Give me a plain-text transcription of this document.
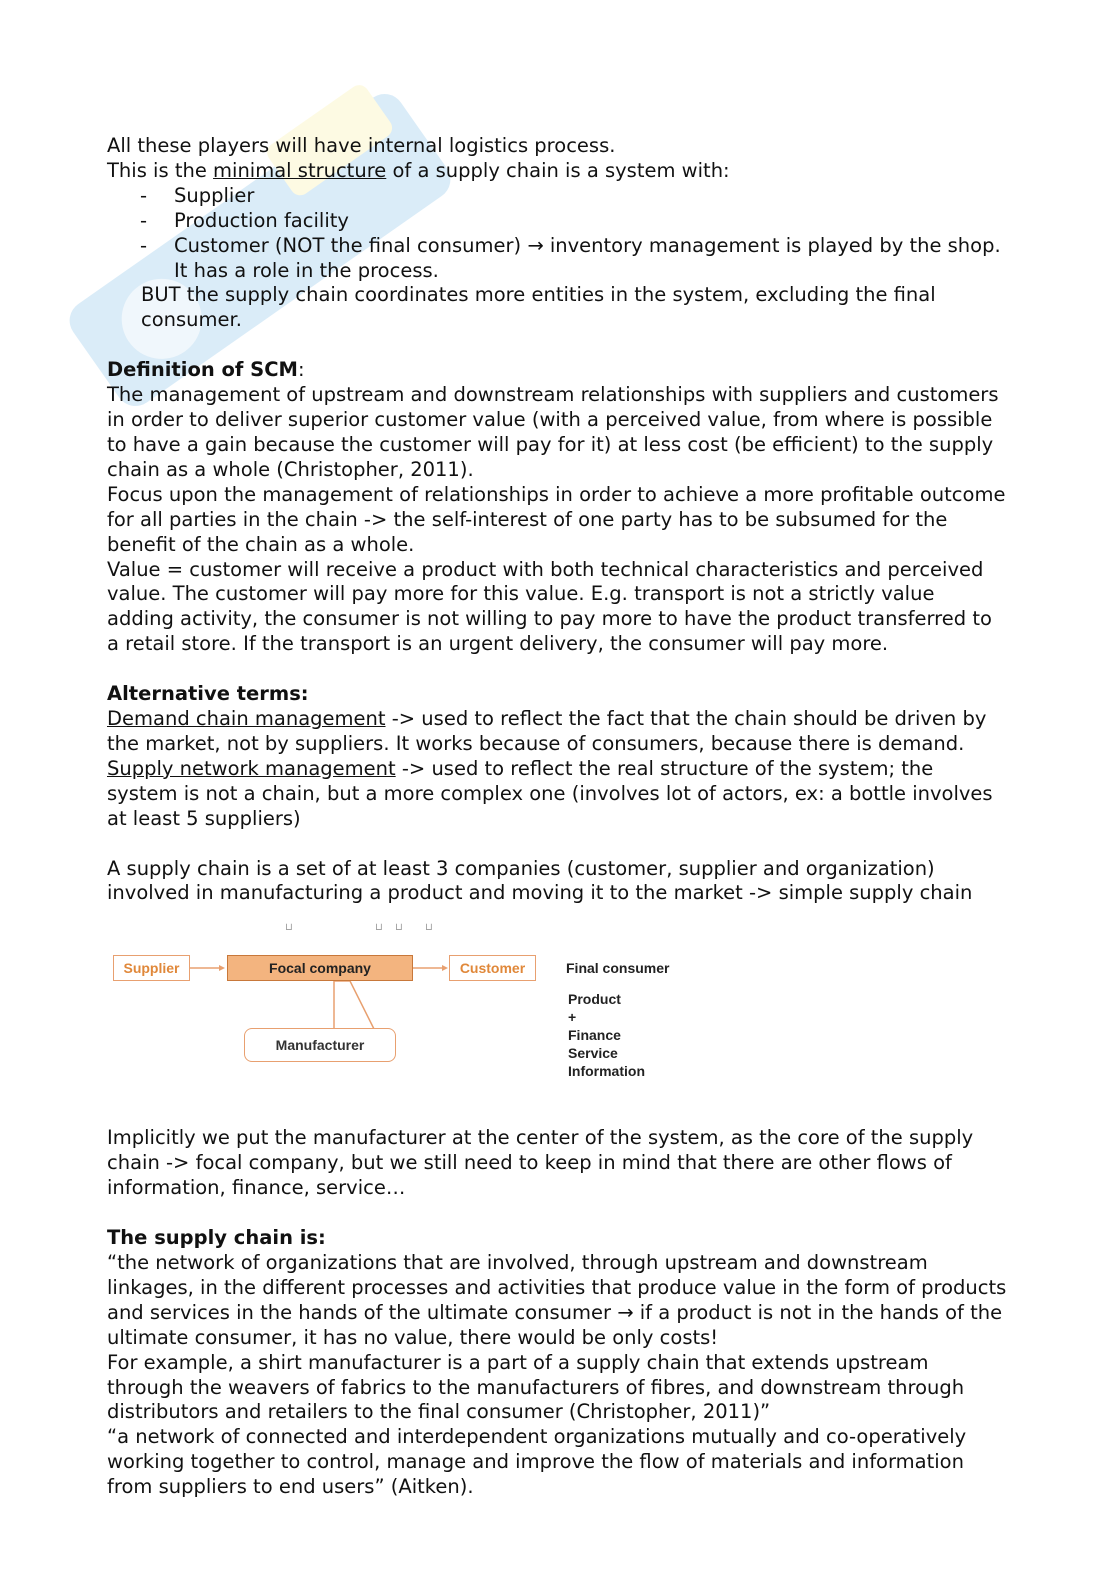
All these players will have internal logistics process.

This is the minimal structure of a supply chain is a system with:

- Supplier
- Production facility
- Customer (NOT the final consumer) → inventory management is played by the shop. It has a role in the process.

BUT the supply chain coordinates more entities in the system, excluding the final consumer.

Definition of SCM:

The management of upstream and downstream relationships with suppliers and customers in order to deliver superior customer value (with a perceived value, from where is possible to have a gain because the customer will pay for it) at less cost (be efficient) to the supply chain as a whole (Christopher, 2011).

Focus upon the management of relationships in order to achieve a more profitable outcome for all parties in the chain -> the self-interest of one party has to be subsumed for the benefit of the chain as a whole.

Value = customer will receive a product with both technical characteristics and perceived value. The customer will pay more for this value. E.g. transport is not a strictly value adding activity, the consumer is not willing to pay more to have the product transferred to a retail store. If the transport is an urgent delivery, the consumer will pay more.

Alternative terms:

Demand chain management -> used to reflect the fact that the chain should be driven by the market, not by suppliers. It works because of consumers, because there is demand.

Supply network management -> used to reflect the real structure of the system; the system is not a chain, but a more complex one (involves lot of actors, ex: a bottle involves at least 5 suppliers)

A supply chain is a set of at least 3 companies (customer, supplier and organization) involved in manufacturing a product and moving it to the market -> simple supply chain

⊔	⊔ ⊔ ⊔
Supplier	Focal company	Customer
Manufacturer
Final consumer
Product
+
Finance
Service
Information

Implicitly we put the manufacturer at the center of the system, as the core of the supply chain -> focal company, but we still need to keep in mind that there are other flows of information, finance, service…

The supply chain is:

“the network of organizations that are involved, through upstream and downstream linkages, in the different processes and activities that produce value in the form of products and services in the hands of the ultimate consumer → if a product is not in the hands of the ultimate consumer, it has no value, there would be only costs!

For example, a shirt manufacturer is a part of a supply chain that extends upstream through the weavers of fabrics to the manufacturers of fibres, and downstream through distributors and retailers to the final consumer (Christopher, 2011)”

“a network of connected and interdependent organizations mutually and co-operatively working together to control, manage and improve the flow of materials and information from suppliers to end users” (Aitken).
